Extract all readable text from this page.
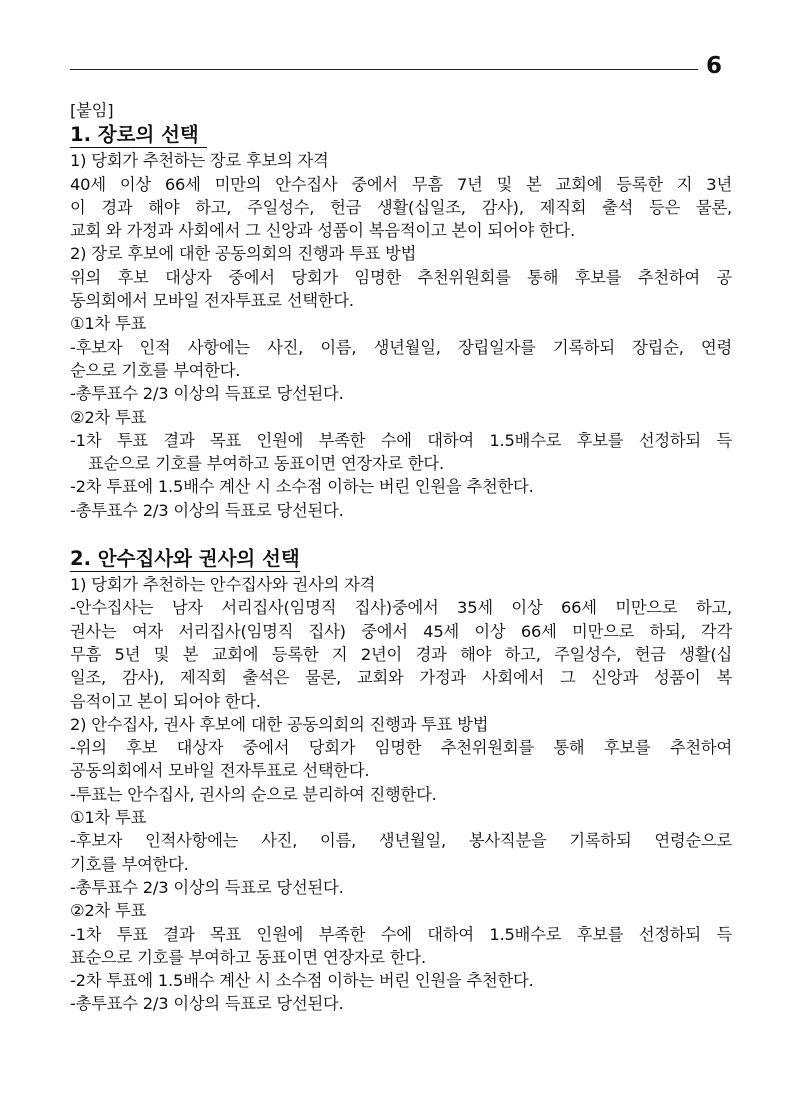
6
[붙임]
1. 장로의 선택
1) 당회가 추천하는 장로 후보의 자격
40세 이상 66세 미만의 안수집사 중에서 무흠 7년 및 본 교회에 등록한 지 3년
이 경과 해야 하고, 주일성수, 헌금 생활(십일조, 감사), 제직회 출석 등은 물론,
교회 와 가정과 사회에서 그 신앙과 성품이 복음적이고 본이 되어야 한다.
2) 장로 후보에 대한 공동의회의 진행과 투표 방법
위의 후보 대상자 중에서 당회가 임명한 추천위원회를 통해 후보를 추천하여 공
동의회에서 모바일 전자투표로 선택한다.
①1차 투표
-후보자 인적 사항에는 사진, 이름, 생년월일, 장립일자를 기록하되 장립순, 연령
순으로 기호를 부여한다.
-총투표수 2/3 이상의 득표로 당선된다.
②2차 투표
-1차 투표 결과 목표 인원에 부족한 수에 대하여 1.5배수로 후보를 선정하되 득
표순으로 기호를 부여하고 동표이면 연장자로 한다.
-2차 투표에 1.5배수 계산 시 소수점 이하는 버린 인원을 추천한다.
-총투표수 2/3 이상의 득표로 당선된다.
2. 안수집사와 권사의 선택
1) 당회가 추천하는 안수집사와 권사의 자격
-안수집사는 남자 서리집사(임명직 집사)중에서 35세 이상 66세 미만으로 하고,
권사는 여자 서리집사(임명직 집사) 중에서 45세 이상 66세 미만으로 하되, 각각
무흠 5년 및 본 교회에 등록한 지 2년이 경과 해야 하고, 주일성수, 헌금 생활(십
일조, 감사), 제직회 출석은 물론, 교회와 가정과 사회에서 그 신앙과 성품이 복
음적이고 본이 되어야 한다.
2) 안수집사, 권사 후보에 대한 공동의회의 진행과 투표 방법
-위의 후보 대상자 중에서 당회가 임명한 추천위원회를 통해 후보를 추천하여
공동의회에서 모바일 전자투표로 선택한다.
-투표는 안수집사, 권사의 순으로 분리하여 진행한다.
①1차 투표
-후보자 인적사항에는 사진, 이름, 생년월일, 봉사직분을 기록하되 연령순으로
기호를 부여한다.
-총투표수 2/3 이상의 득표로 당선된다.
②2차 투표
-1차 투표 결과 목표 인원에 부족한 수에 대하여 1.5배수로 후보를 선정하되 득
표순으로 기호를 부여하고 동표이면 연장자로 한다.
-2차 투표에 1.5배수 계산 시 소수점 이하는 버린 인원을 추천한다.
-총투표수 2/3 이상의 득표로 당선된다.
